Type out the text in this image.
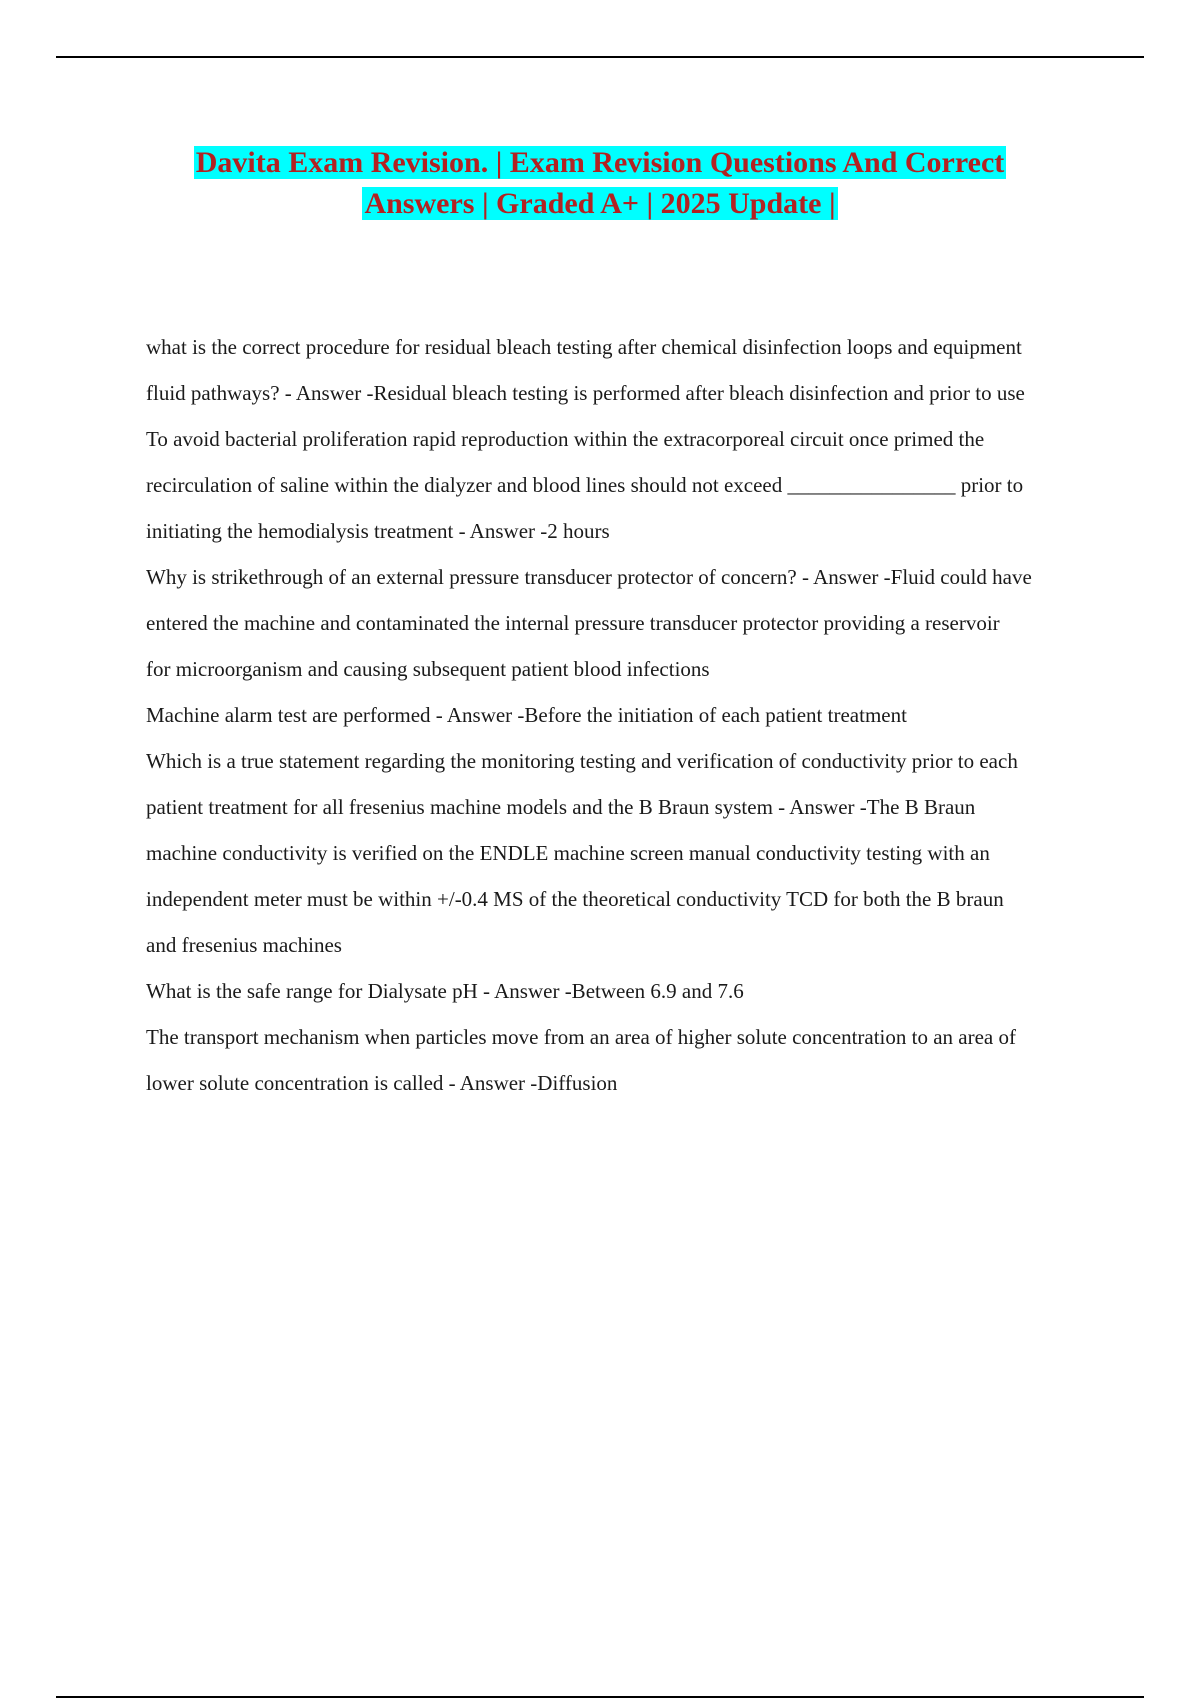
Davita Exam Revision. | Exam Revision Questions And Correct
Answers | Graded A+ | 2025 Update |

what is the correct procedure for residual bleach testing after chemical disinfection loops and equipment

fluid pathways? - Answer -Residual bleach testing is performed after bleach disinfection and prior to use

To avoid bacterial proliferation rapid reproduction within the extracorporeal circuit once primed the

recirculation of saline within the dialyzer and blood lines should not exceed ________________ prior to

initiating the hemodialysis treatment - Answer -2 hours

Why is strikethrough of an external pressure transducer protector of concern? - Answer -Fluid could have

entered the machine and contaminated the internal pressure transducer protector providing a reservoir

for microorganism and causing subsequent patient blood infections

Machine alarm test are performed - Answer -Before the initiation of each patient treatment

Which is a true statement regarding the monitoring testing and verification of conductivity prior to each

patient treatment for all fresenius machine models and the B Braun system - Answer -The B Braun

machine conductivity is verified on the ENDLE machine screen manual conductivity testing with an

independent meter must be within +/-0.4 MS of the theoretical conductivity TCD for both the B braun

and fresenius machines

What is the safe range for Dialysate pH - Answer -Between 6.9 and 7.6

The transport mechanism when particles move from an area of higher solute concentration to an area of

lower solute concentration is called - Answer -Diffusion
